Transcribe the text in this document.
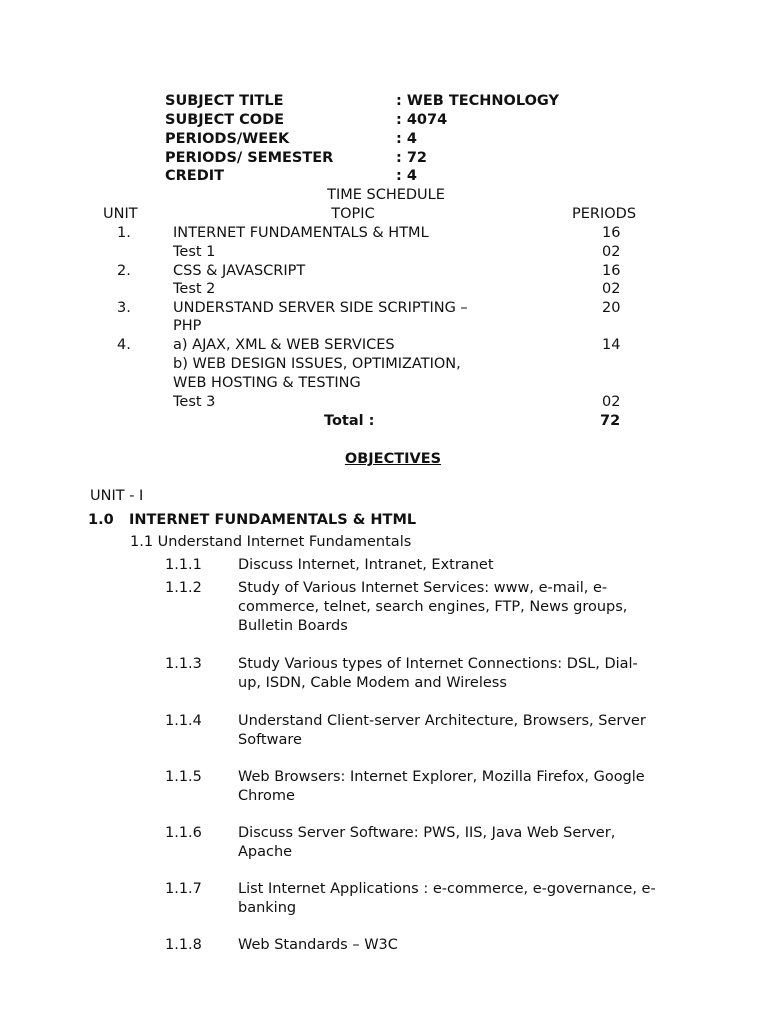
SUBJECT TITLE	: WEB TECHNOLOGY
SUBJECT CODE	: 4074
PERIODS/WEEK	: 4
PERIODS/ SEMESTER	: 72
CREDIT	: 4
TIME SCHEDULE
UNIT	TOPIC	PERIODS
1.	INTERNET FUNDAMENTALS & HTML	16
Test 1	02
2.	CSS & JAVASCRIPT	16
Test 2	02
3.	UNDERSTAND SERVER SIDE SCRIPTING –	20
PHP
4.	a) AJAX, XML & WEB SERVICES	14
b) WEB DESIGN ISSUES, OPTIMIZATION,
WEB HOSTING & TESTING
Test 3	02
Total :	72
OBJECTIVES
UNIT - I
1.0 INTERNET FUNDAMENTALS & HTML
1.1 Understand Internet Fundamentals
1.1.1 Discuss Internet, Intranet, Extranet
1.1.2 Study of Various Internet Services: www, e-mail, e-
commerce, telnet, search engines, FTP, News groups,
Bulletin Boards
1.1.3 Study Various types of Internet Connections: DSL, Dial-
up, ISDN, Cable Modem and Wireless
1.1.4 Understand Client-server Architecture, Browsers, Server
Software
1.1.5 Web Browsers: Internet Explorer, Mozilla Firefox, Google
Chrome
1.1.6 Discuss Server Software: PWS, IIS, Java Web Server,
Apache
1.1.7 List Internet Applications : e-commerce, e-governance, e-
banking
1.1.8 Web Standards – W3C
